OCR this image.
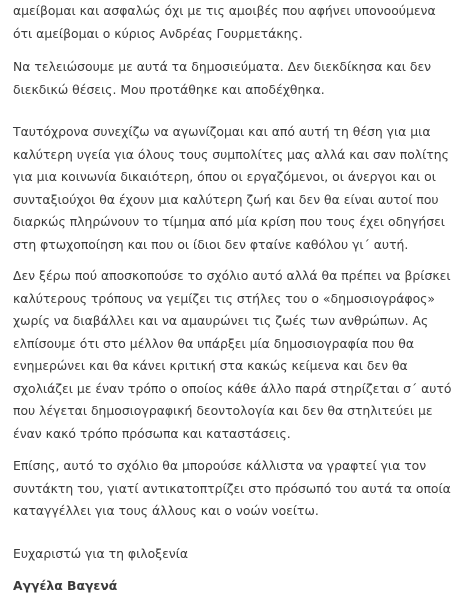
αμείβομαι και ασφαλώς όχι με τις αμοιβές που αφήνει υπονοούμενα
ότι αμείβομαι ο κύριος Ανδρέας Γουρμετάκης.

Να τελειώσουμε με αυτά τα δημοσιεύματα. Δεν διεκδίκησα και δεν
διεκδικώ θέσεις. Μου προτάθηκε και αποδέχθηκα.

Ταυτόχρονα συνεχίζω να αγωνίζομαι και από αυτή τη θέση για μια
καλύτερη υγεία για όλους τους συμπολίτες μας αλλά και σαν πολίτης
για μια κοινωνία δικαιότερη, όπου οι εργαζόμενοι, οι άνεργοι και οι
συνταξιούχοι θα έχουν μια καλύτερη ζωή και δεν θα είναι αυτοί που
διαρκώς πληρώνουν το τίμημα από μία κρίση που τους έχει οδηγήσει
στη φτωχοποίηση και που οι ίδιοι δεν φταίνε καθόλου γι΄ αυτή.

Δεν ξέρω πού αποσκοπούσε το σχόλιο αυτό αλλά θα πρέπει να βρίσκει
καλύτερους τρόπους να γεμίζει τις στήλες του ο «δημοσιογράφος»
χωρίς να διαβάλλει και να αμαυρώνει τις ζωές των ανθρώπων. Ας
ελπίσουμε ότι στο μέλλον θα υπάρξει μία δημοσιογραφία που θα
ενημερώνει και θα κάνει κριτική στα κακώς κείμενα και δεν θα
σχολιάζει με έναν τρόπο ο οποίος κάθε άλλο παρά στηρίζεται σ΄ αυτό
που λέγεται δημοσιογραφική δεοντολογία και δεν θα στηλιτεύει με
έναν κακό τρόπο πρόσωπα και καταστάσεις.

Επίσης, αυτό το σχόλιο θα μπορούσε κάλλιστα να γραφτεί για τον
συντάκτη του, γιατί αντικατοπτρίζει στο πρόσωπό του αυτά τα οποία
καταγγέλλει για τους άλλους και ο νοών νοείτω.

Ευχαριστώ για τη φιλοξενία

Αγγέλα Βαγενά
